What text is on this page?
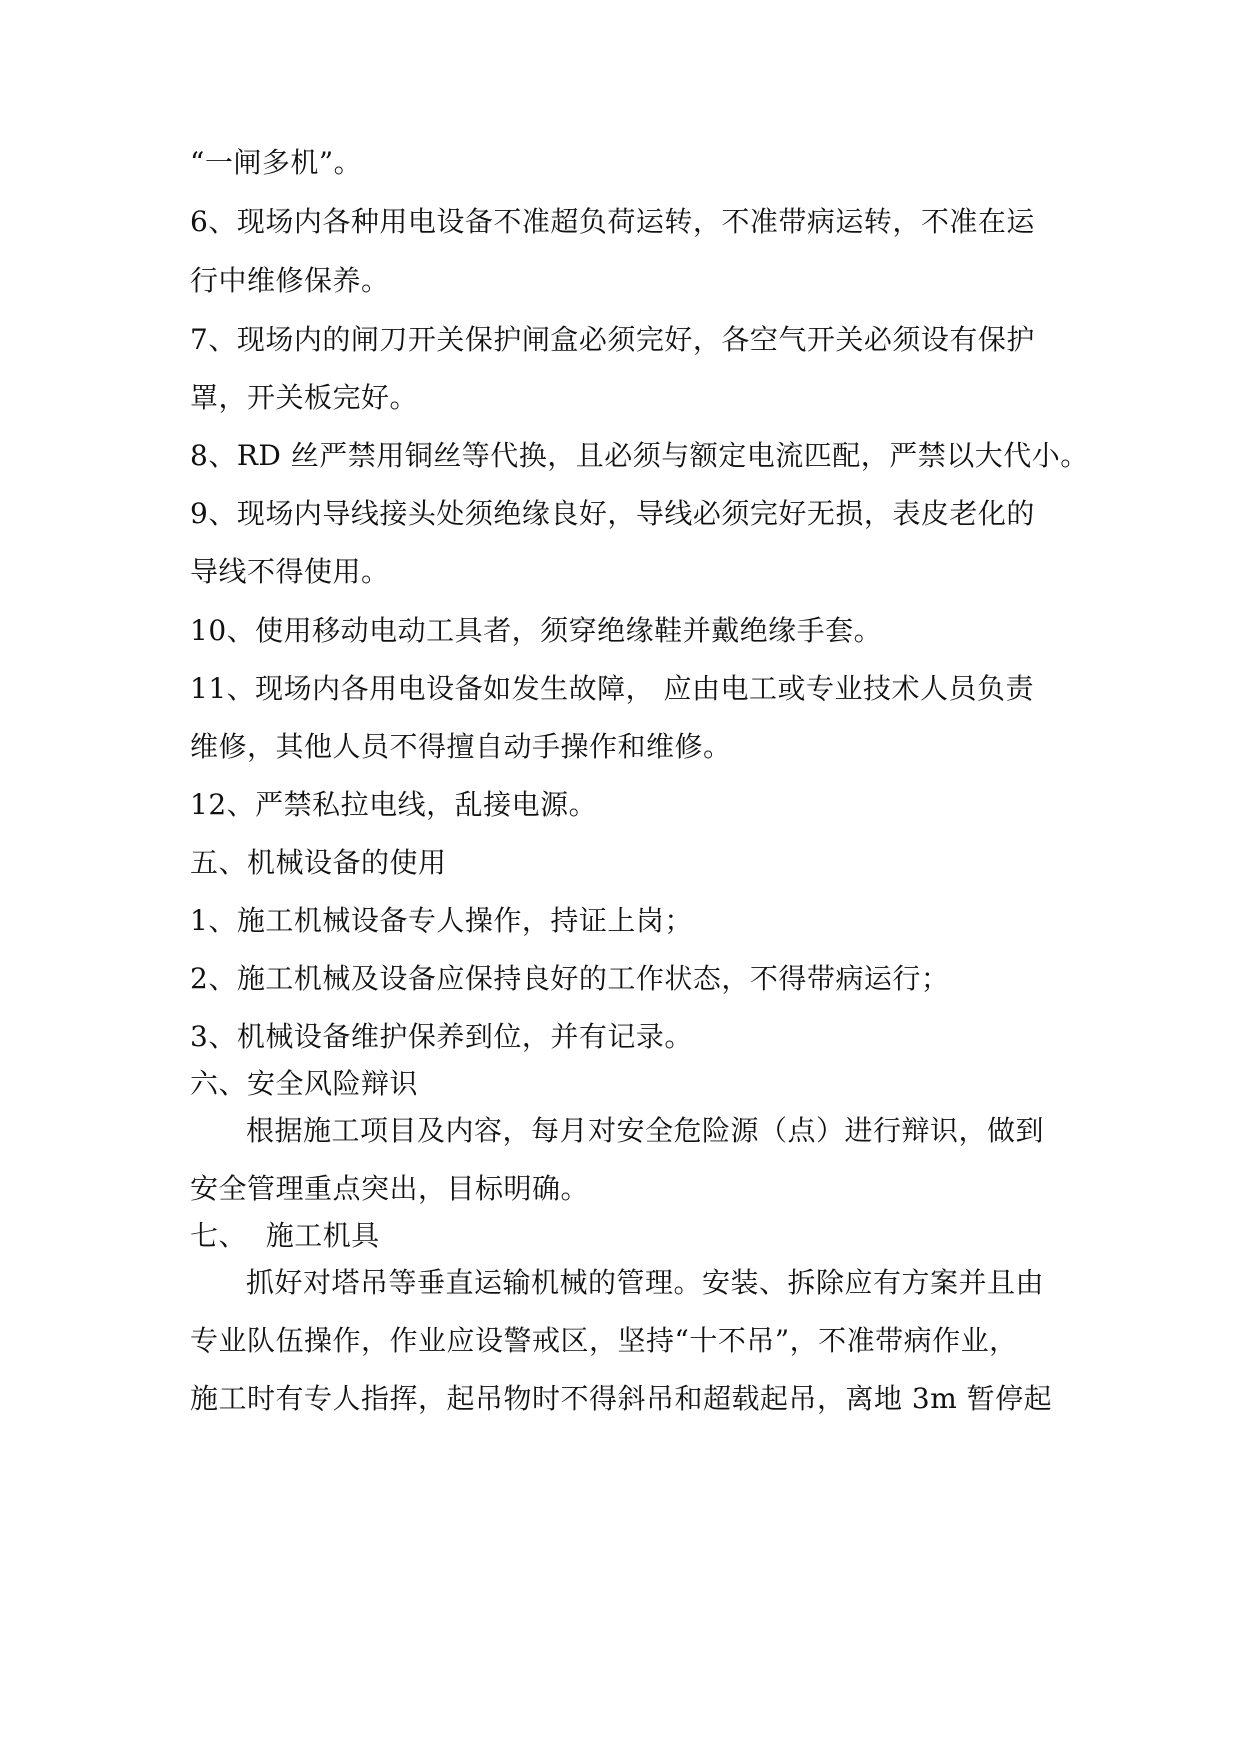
“一闸多机”。
6、现场内各种用电设备不准超负荷运转，不准带病运转，不准在运
行中维修保养。
7、现场内的闸刀开关保护闸盒必须完好，各空气开关必须设有保护
罩，开关板完好。
8、RD 丝严禁用铜丝等代换，且必须与额定电流匹配，严禁以大代小。
9、现场内导线接头处须绝缘良好，导线必须完好无损，表皮老化的
导线不得使用。
10、使用移动电动工具者，须穿绝缘鞋并戴绝缘手套。
11、现场内各用电设备如发生故障， 应由电工或专业技术人员负责
维修，其他人员不得擅自动手操作和维修。
12、严禁私拉电线，乱接电源。
五、机械设备的使用
1、施工机械设备专人操作，持证上岗；
2、施工机械及设备应保持良好的工作状态，不得带病运行；
3、机械设备维护保养到位，并有记录。
六、安全风险辩识
根据施工项目及内容，每月对安全危险源（点）进行辩识，做到
安全管理重点突出，目标明确。
七、  施工机具
抓好对塔吊等垂直运输机械的管理。安装、拆除应有方案并且由
专业队伍操作，作业应设警戒区，坚持“十不吊”，不准带病作业，
施工时有专人指挥，起吊物时不得斜吊和超载起吊，离地 3m 暂停起
